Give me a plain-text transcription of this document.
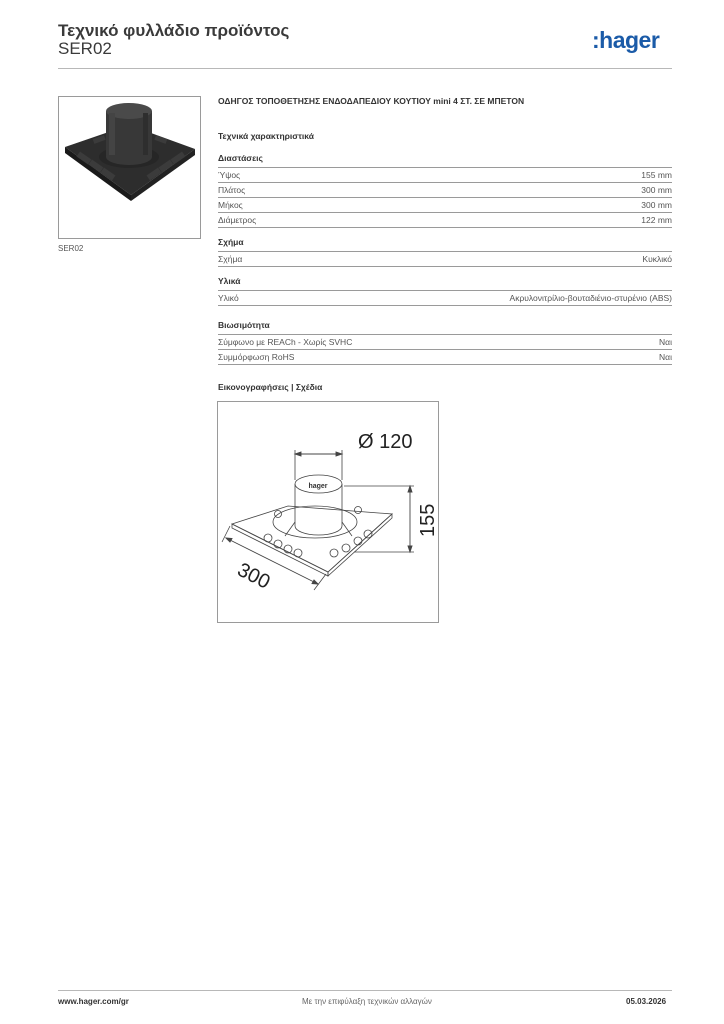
Τεχνικό φυλλάδιο προϊόντος
SER02	:hager
SER02
ΟΔΗΓΟΣ ΤΟΠΟΘΕΤΗΣΗΣ ΕΝΔΟΔΑΠΕΔΙΟΥ ΚΟΥΤΙΟΥ mini 4 ΣΤ. ΣΕ ΜΠΕΤΟΝ
Τεχνικά χαρακτηριστικά
Διαστάσεις
Ύψος	155 mm
Πλάτος	300 mm
Μήκος	300 mm
Διάμετρος	122 mm
Σχήμα
Σχήμα	Κυκλικό
Υλικά
Υλικό	Ακρυλονιτρίλιο-βουταδιένιο-στυρένιο (ABS)
Βιωσιμότητα
Σύμφωνο με REACh - Χωρίς SVHC	Ναι
Συμμόρφωση RoHS	Ναι
Εικονογραφήσεις | Σχέδια
hager
Ø 120
155
300
www.hager.com/gr	Με την επιφύλαξη τεχνικών αλλαγών	05.03.2026
